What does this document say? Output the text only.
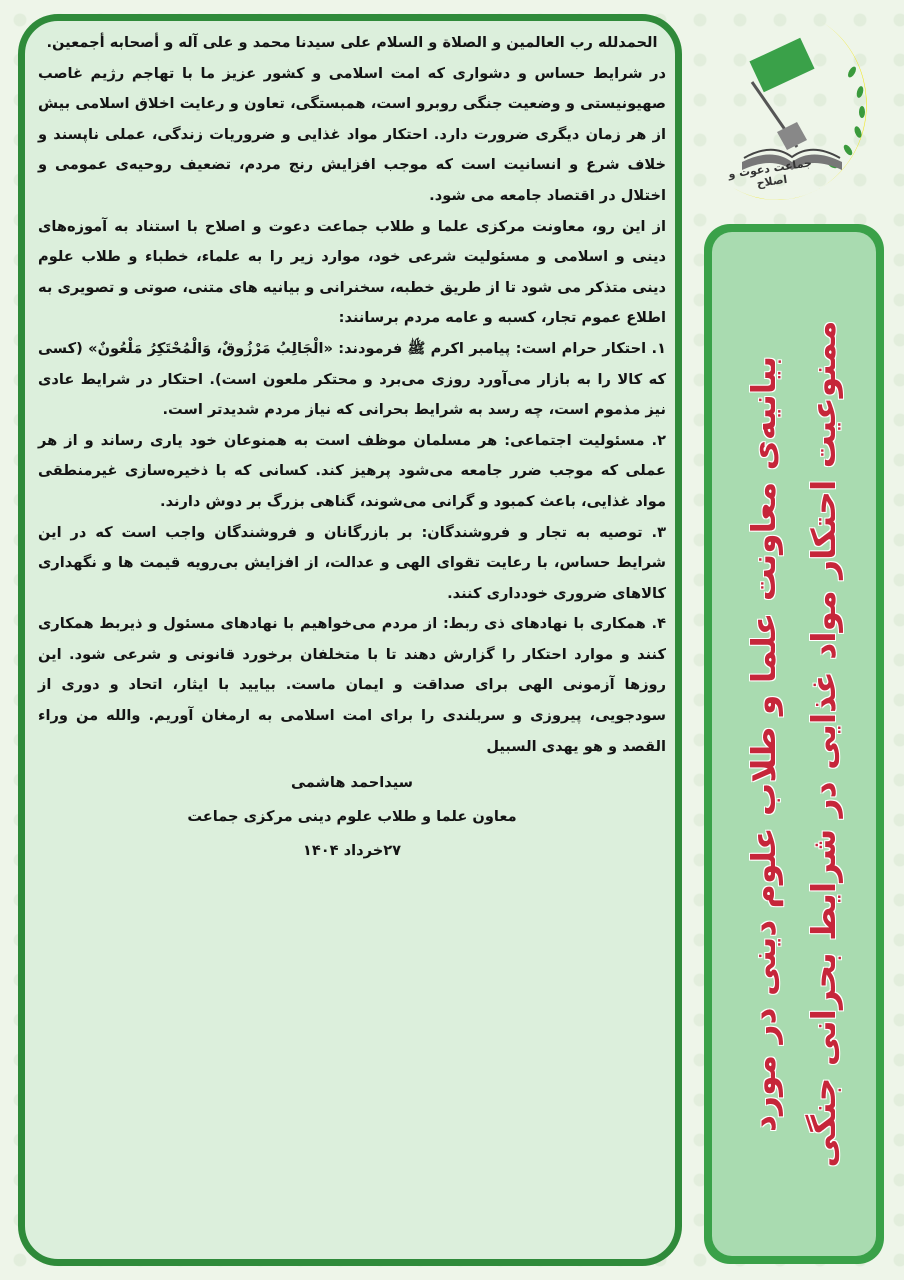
جماعت دعوت و اصلاح

الحمدلله رب العالمین و الصلاة و السلام علی سیدنا محمد و علی آله و أصحابه أجمعین.

در شرایط حساس و دشواری که امت اسلامی و کشور عزیز ما با تهاجم رژیم غاصب صهیونیستی و وضعیت جنگی روبرو است، همبستگی، تعاون و رعایت اخلاق اسلامی بیش از هر زمان دیگری ضرورت دارد. احتکار مواد غذایی و ضروریات زندگی، عملی ناپسند و خلاف شرع و انسانیت است که موجب افزایش رنج مردم، تضعیف روحیه‌ی عمومی و اختلال در اقتصاد جامعه می شود.

از این رو، معاونت مرکزی علما و طلاب جماعت دعوت و اصلاح با استناد به آموزه‌های دینی و اسلامی و مسئولیت شرعی خود، موارد زیر را به علماء، خطباء و طلاب علوم دینی متذکر می شود تا از طریق خطبه، سخنرانی و بیانیه های متنی، صوتی و تصویری به اطلاع عموم تجار، کسبه و عامه مردم برسانند:

۱. احتکار حرام است: پیامبر اکرم ﷺ فرمودند: «الْجَالِبُ مَرْزُوقٌ، وَالْمُحْتَكِرُ مَلْعُونٌ» (کسی که کالا را به بازار می‌آورد روزی می‌برد و محتکر ملعون است). احتکار در شرایط عادی نیز مذموم است، چه رسد به شرایط بحرانی که نیاز مردم شدیدتر است.

۲. مسئولیت اجتماعی: هر مسلمان موظف است به همنوعان خود یاری رساند و از هر عملی که موجب ضرر جامعه می‌شود پرهیز کند. کسانی که با ذخیره‌سازی غیرمنطقی مواد غذایی، باعث کمبود و گرانی می‌شوند، گناهی بزرگ بر دوش دارند.

۳. توصیه به تجار و فروشندگان: بر بازرگانان و فروشندگان واجب است که در این شرایط حساس، با رعایت تقوای الهی و عدالت، از افزایش بی‌رویه قیمت ها و نگهداری کالاهای ضروری خودداری کنند.

۴. همکاری با نهادهای ذی ربط: از مردم می‌خواهیم با نهادهای مسئول و ذیربط همکاری کنند و موارد احتکار را گزارش دهند تا با متخلفان برخورد قانونی و شرعی شود. این روزها آزمونی الهی برای صداقت و ایمان ماست. بیایید با ایثار، اتحاد و دوری از سودجویی، پیروزی و سربلندی را برای امت اسلامی به ارمغان آوریم. والله من وراء القصد و هو یهدی السبیل

سیداحمد هاشمی
معاون علما و طلاب علوم دینی مرکزی جماعت
۲۷خرداد ۱۴۰۴	بیانیه‌ی معاونت علما و طلاب علوم دینی در مورد ممنوعیت احتکار مواد غذایی در شرایط بحرانی جنگی
